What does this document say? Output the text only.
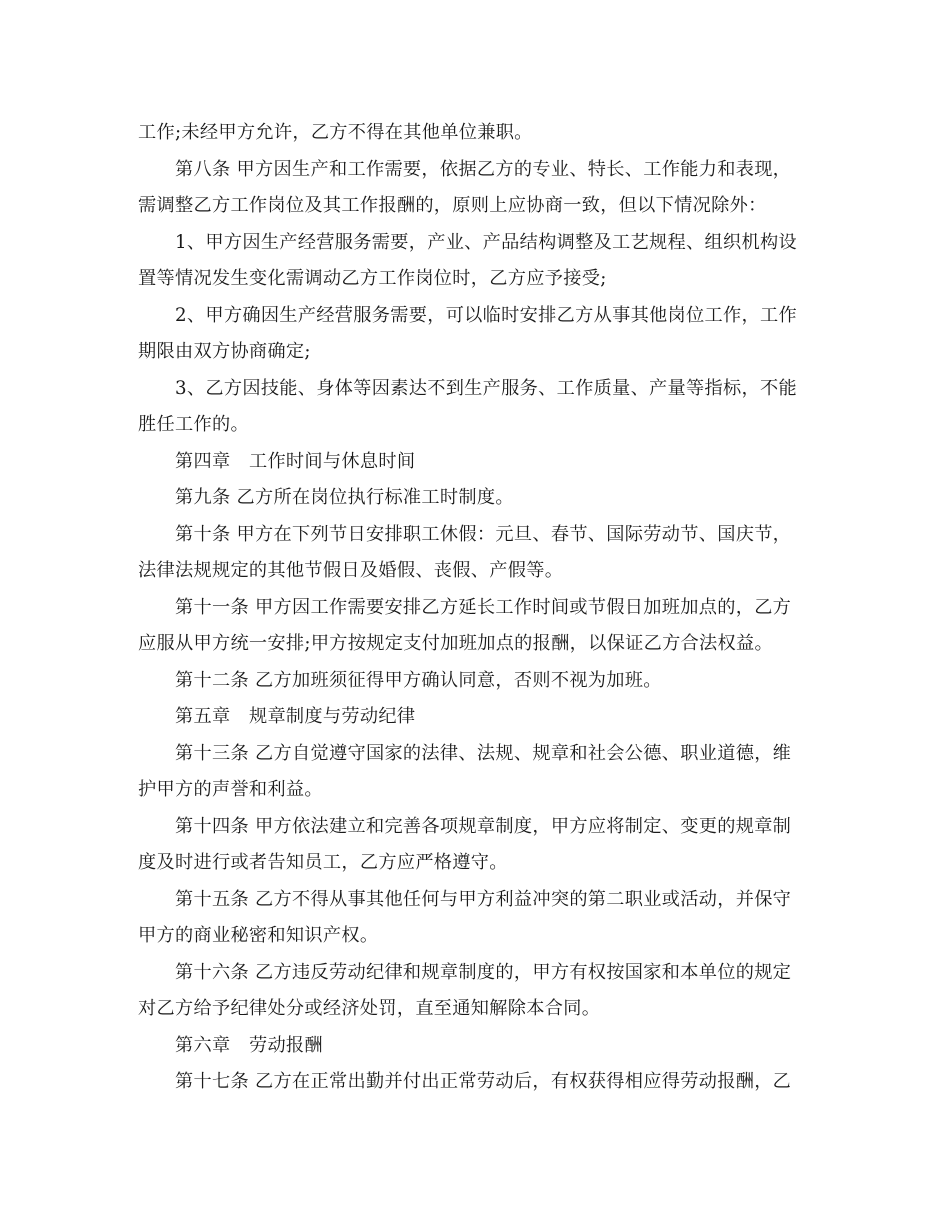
工作;未经甲方允许，乙方不得在其他单位兼职。
第八条 甲方因生产和工作需要，依据乙方的专业、特长、工作能力和表现，
需调整乙方工作岗位及其工作报酬的，原则上应协商一致，但以下情况除外：
1、甲方因生产经营服务需要，产业、产品结构调整及工艺规程、组织机构设
置等情况发生变化需调动乙方工作岗位时，乙方应予接受;
2、甲方确因生产经营服务需要，可以临时安排乙方从事其他岗位工作，工作
期限由双方协商确定;
3、乙方因技能、身体等因素达不到生产服务、工作质量、产量等指标，不能
胜任工作的。
第四章　工作时间与休息时间
第九条 乙方所在岗位执行标准工时制度。
第十条 甲方在下列节日安排职工休假：元旦、春节、国际劳动节、国庆节，
法律法规规定的其他节假日及婚假、丧假、产假等。
第十一条 甲方因工作需要安排乙方延长工作时间或节假日加班加点的，乙方
应服从甲方统一安排;甲方按规定支付加班加点的报酬，以保证乙方合法权益。
第十二条 乙方加班须征得甲方确认同意，否则不视为加班。
第五章　规章制度与劳动纪律
第十三条 乙方自觉遵守国家的法律、法规、规章和社会公德、职业道德，维
护甲方的声誉和利益。
第十四条 甲方依法建立和完善各项规章制度，甲方应将制定、变更的规章制
度及时进行或者告知员工，乙方应严格遵守。
第十五条 乙方不得从事其他任何与甲方利益冲突的第二职业或活动，并保守
甲方的商业秘密和知识产权。
第十六条 乙方违反劳动纪律和规章制度的，甲方有权按国家和本单位的规定
对乙方给予纪律处分或经济处罚，直至通知解除本合同。
第六章　劳动报酬
第十七条 乙方在正常出勤并付出正常劳动后，有权获得相应得劳动报酬，乙
